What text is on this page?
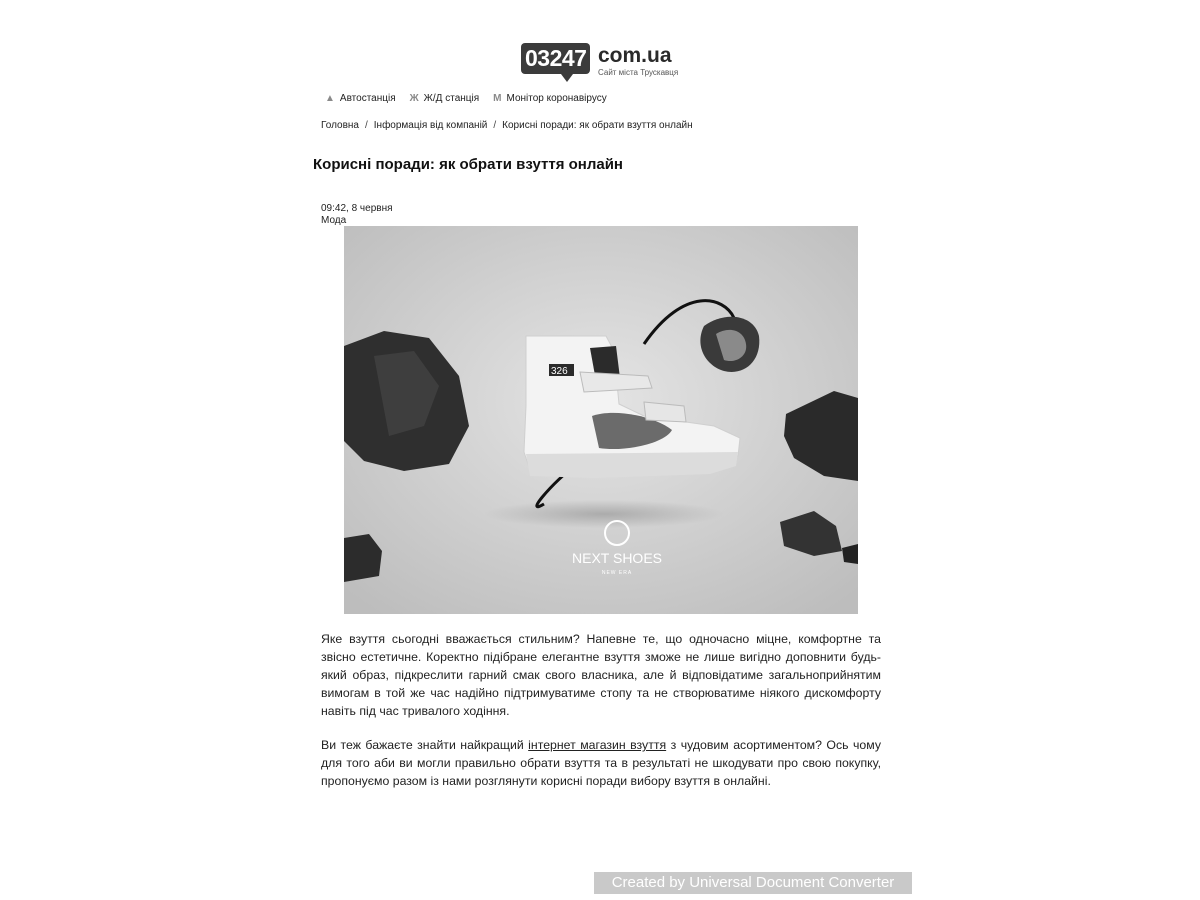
03247 com.ua
Сайт міста Трускавця
▲ Автостанція Ж Ж/Д станція M Монітор коронавірусу
Головна / Інформація від компаній / Корисні поради: як обрати взуття онлайн
Корисні поради: як обрати взуття онлайн
09:42, 8 червня
Мода
326
NEXT SHOES
NEW ERA

Яке взуття сьогодні вважається стильним? Напевне те, що одночасно міцне, комфортне та звісно естетичне. Коректно підібране елегантне взуття зможе не лише вигідно доповнити будь-який образ, підкреслити гарний смак свого власника, але й відповідатиме загальноприйнятим вимогам в той же час надійно підтримуватиме стопу та не створюватиме ніякого дискомфорту навіть під час тривалого ходіння.

Ви теж бажаєте знайти найкращий інтернет магазин взуття з чудовим асортиментом? Ось чому для того аби ви могли правильно обрати взуття та в результаті не шкодувати про свою покупку, пропонуємо разом із нами розглянути корисні поради вибору взуття в онлайні.

Created by Universal Document Converter
